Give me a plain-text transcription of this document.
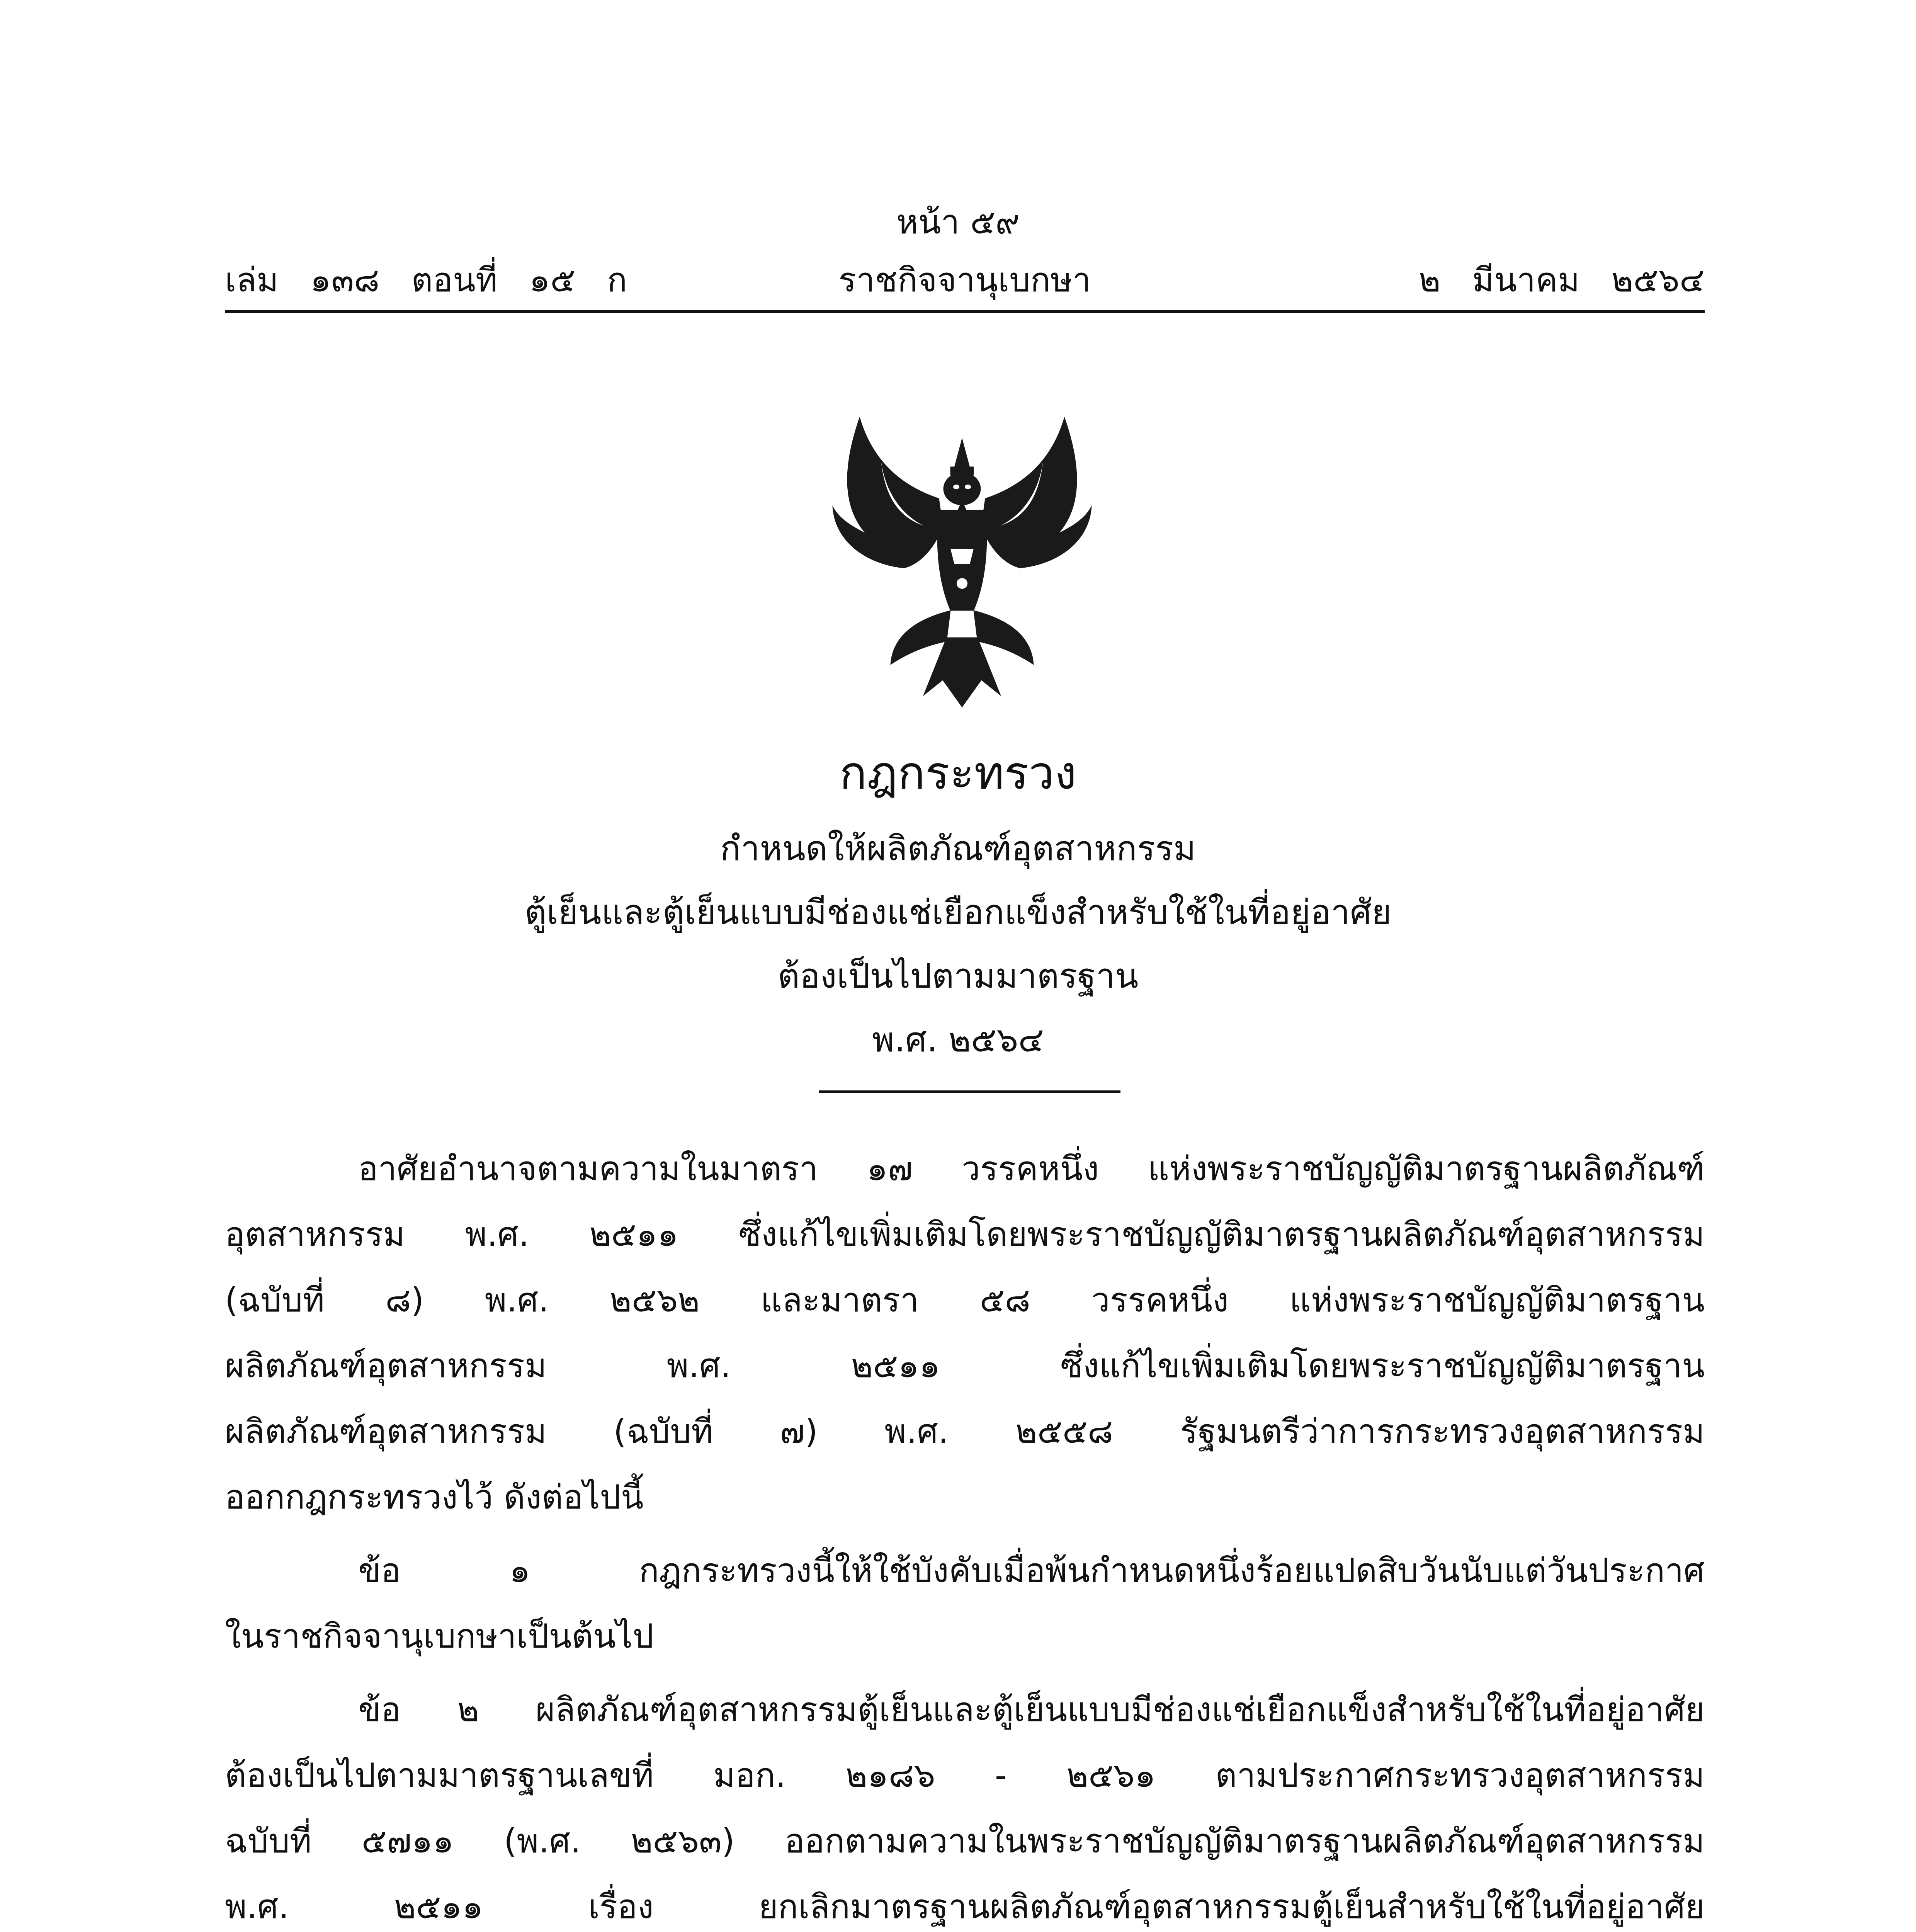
หน้า ๕๙
ราชกิจจานุเบกษา
เล่ม   ๑๓๘   ตอนที่   ๑๕   ก	๒   มีนาคม   ๒๕๖๔
กฎกระทรวง
กำหนดให้ผลิตภัณฑ์อุตสาหกรรม
ตู้เย็นและตู้เย็นแบบมีช่องแช่เยือกแข็งสำหรับใช้ในที่อยู่อาศัย
ต้องเป็นไปตามมาตรฐาน
พ.ศ. ๒๕๖๔
อาศัยอำนาจตามความในมาตรา ๑๗ วรรคหนึ่ง แห่งพระราชบัญญัติมาตรฐานผลิตภัณฑ์
อุตสาหกรรม พ.ศ. ๒๕๑๑ ซึ่งแก้ไขเพิ่มเติมโดยพระราชบัญญัติมาตรฐานผลิตภัณฑ์อุตสาหกรรม
(ฉบับที่ ๘) พ.ศ. ๒๕๖๒ และมาตรา ๕๘ วรรคหนึ่ง แห่งพระราชบัญญัติมาตรฐาน
ผลิตภัณฑ์อุตสาหกรรม พ.ศ. ๒๕๑๑ ซึ่งแก้ไขเพิ่มเติมโดยพระราชบัญญัติมาตรฐาน
ผลิตภัณฑ์อุตสาหกรรม (ฉบับที่ ๗) พ.ศ. ๒๕๕๘ รัฐมนตรีว่าการกระทรวงอุตสาหกรรม
ออกกฎกระทรวงไว้ ดังต่อไปนี้
ข้อ ๑ กฎกระทรวงนี้ให้ใช้บังคับเมื่อพ้นกำหนดหนึ่งร้อยแปดสิบวันนับแต่วันประกาศ
ในราชกิจจานุเบกษาเป็นต้นไป
ข้อ ๒ ผลิตภัณฑ์อุตสาหกรรมตู้เย็นและตู้เย็นแบบมีช่องแช่เยือกแข็งสำหรับใช้ในที่อยู่อาศัย
ต้องเป็นไปตามมาตรฐานเลขที่ มอก. ๒๑๘๖ - ๒๕๖๑ ตามประกาศกระทรวงอุตสาหกรรม
ฉบับที่ ๕๗๑๑ (พ.ศ. ๒๕๖๓) ออกตามความในพระราชบัญญัติมาตรฐานผลิตภัณฑ์อุตสาหกรรม
พ.ศ. ๒๕๑๑ เรื่อง ยกเลิกมาตรฐานผลิตภัณฑ์อุตสาหกรรมตู้เย็นสำหรับใช้ในที่อยู่อาศัย
